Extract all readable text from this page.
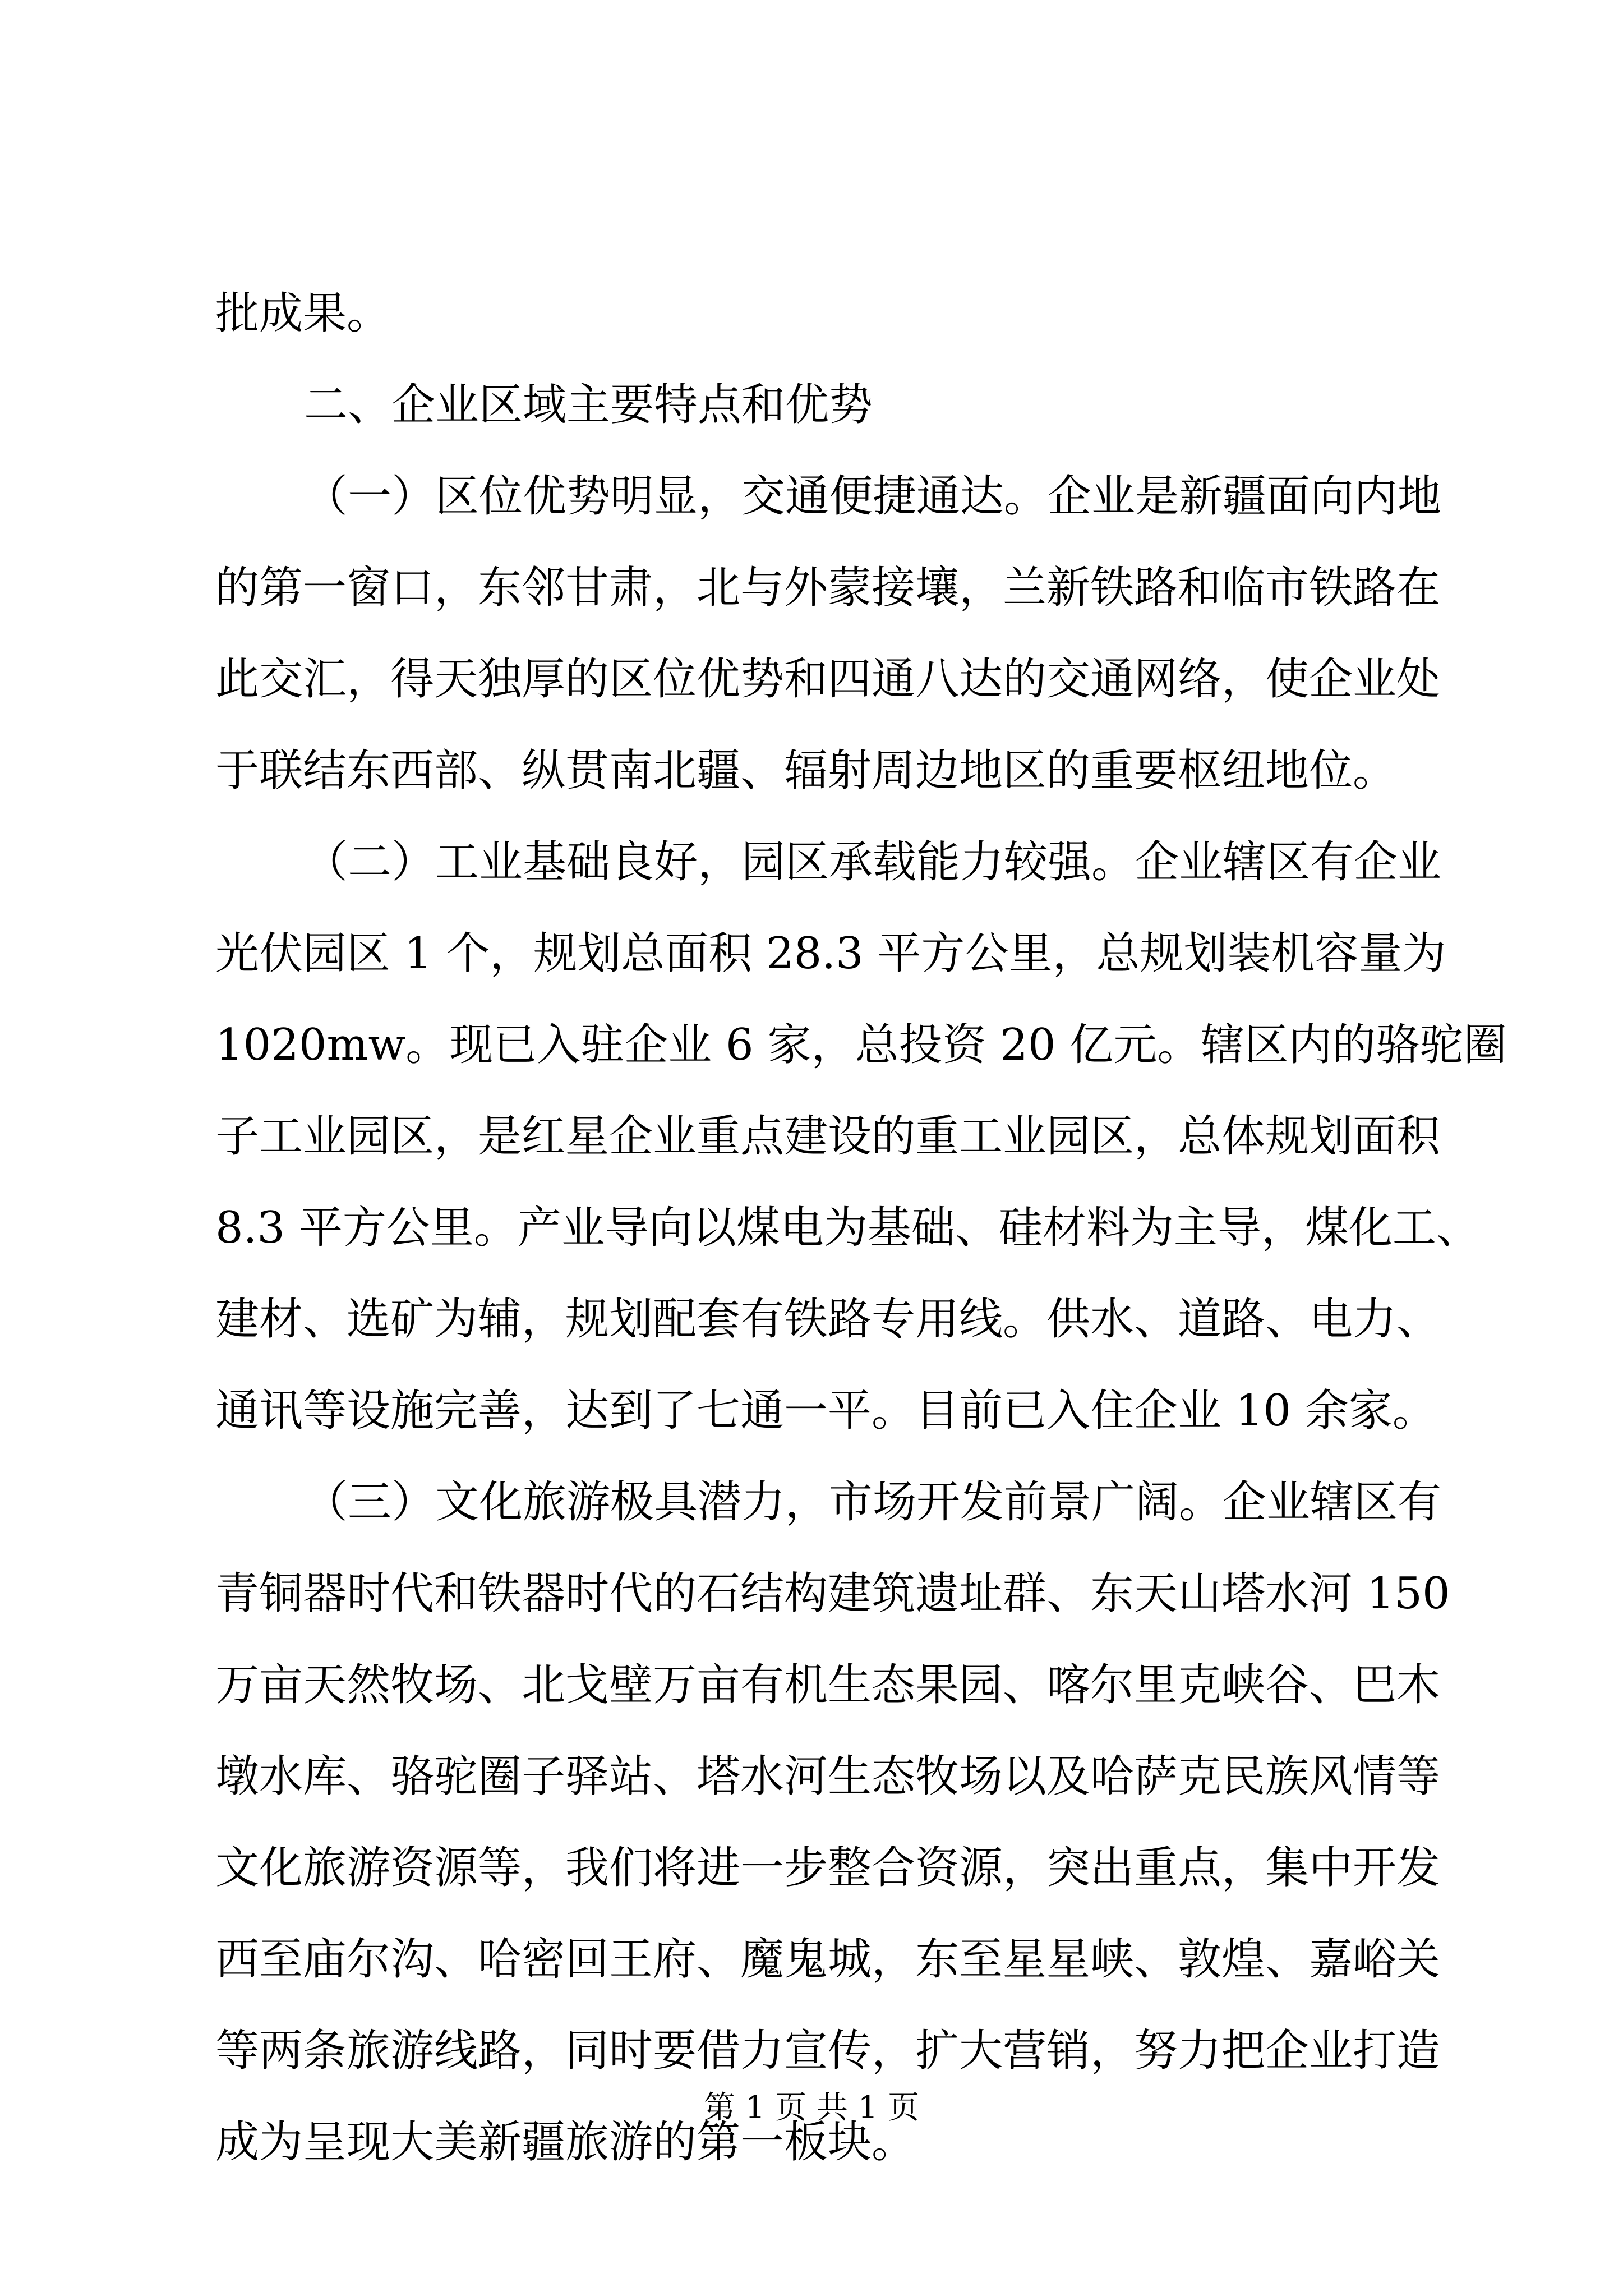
批成果。

二、企业区域主要特点和优势

（一）区位优势明显，交通便捷通达。企业是新疆面向内地

的第一窗口，东邻甘肃，北与外蒙接壤，兰新铁路和临市铁路在

此交汇，得天独厚的区位优势和四通八达的交通网络，使企业处

于联结东西部、纵贯南北疆、辐射周边地区的重要枢纽地位。

（二）工业基础良好，园区承载能力较强。企业辖区有企业

光伏园区 1 个，规划总面积 28.3 平方公里，总规划装机容量为

1020mw。现已入驻企业 6 家，总投资 20 亿元。辖区内的骆驼圈

子工业园区，是红星企业重点建设的重工业园区，总体规划面积

8.3 平方公里。产业导向以煤电为基础、硅材料为主导，煤化工、

建材、选矿为辅，规划配套有铁路专用线。供水、道路、电力、

通讯等设施完善，达到了七通一平。目前已入住企业 10 余家。

（三）文化旅游极具潜力，市场开发前景广阔。企业辖区有

青铜器时代和铁器时代的石结构建筑遗址群、东天山塔水河 150

万亩天然牧场、北戈壁万亩有机生态果园、喀尔里克峡谷、巴木

墩水库、骆驼圈子驿站、塔水河生态牧场以及哈萨克民族风情等

文化旅游资源等，我们将进一步整合资源，突出重点，集中开发

西至庙尔沟、哈密回王府、魔鬼城，东至星星峡、敦煌、嘉峪关

等两条旅游线路，同时要借力宣传，扩大营销，努力把企业打造

成为呈现大美新疆旅游的第一板块。

第 1 页 共 1 页
